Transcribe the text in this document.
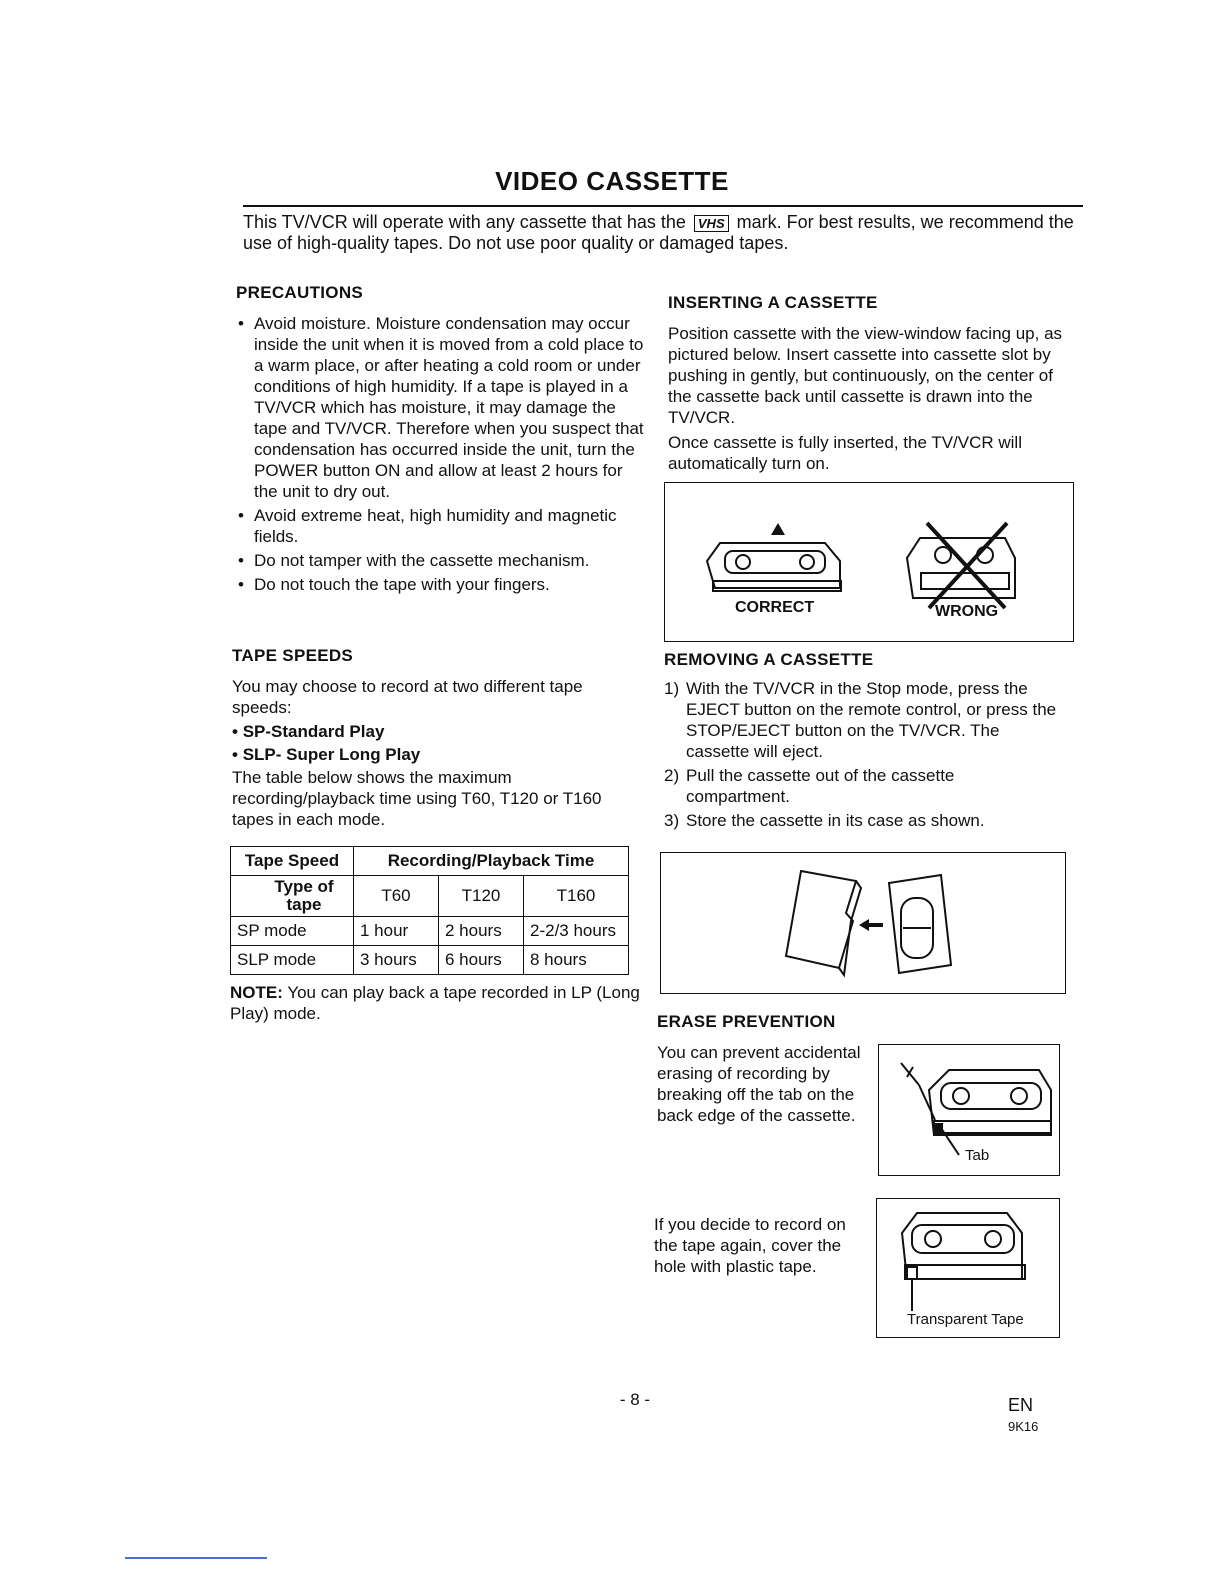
VIDEO CASSETTE
This TV/VCR will operate with any cassette that has the VHS mark. For best results, we recommend the use of high-quality tapes. Do not use poor quality or damaged tapes.
PRECAUTIONS
• Avoid moisture. Moisture condensation may occur inside the unit when it is moved from a cold place to a warm place, or after heating a cold room or under conditions of high humidity. If a tape is played in a TV/VCR which has moisture, it may damage the tape and TV/VCR. Therefore when you suspect that condensation has occurred inside the unit, turn the POWER button ON and allow at least 2 hours for the unit to dry out.
• Avoid extreme heat, high humidity and magnetic fields.
• Do not tamper with the cassette mechanism.
• Do not touch the tape with your fingers.
TAPE SPEEDS
You may choose to record at two different tape speeds:
• SP-Standard Play
• SLP- Super Long Play
The table below shows the maximum recording/playback time using T60, T120 or T160 tapes in each mode.
Tape Speed	Recording/Playback Time		

Type of
tape	T60	T120	T160
SP mode	1 hour	2 hours	2-2/3 hours
SLP mode	3 hours	6 hours	8 hours
NOTE: You can play back a tape recorded in LP (Long Play) mode.
INSERTING A CASSETTE
Position cassette with the view-window facing up, as pictured below. Insert cassette into cassette slot by pushing in gently, but continuously, on the center of the cassette back until cassette is drawn into the TV/VCR.
Once cassette is fully inserted, the TV/VCR will automatically turn on.
CORRECT	WRONG
REMOVING A CASSETTE
1) With the TV/VCR in the Stop mode, press the EJECT button on the remote control, or press the STOP/EJECT button on the TV/VCR. The cassette will eject.
2) Pull the cassette out of the cassette compartment.
3) Store the cassette in its case as shown.
ERASE PREVENTION
You can prevent accidental erasing of recording by breaking off the tab on the back edge of the cassette.
Tab
If you decide to record on the tape again, cover the hole with plastic tape.
Transparent Tape
- 8 -	EN
9K16
